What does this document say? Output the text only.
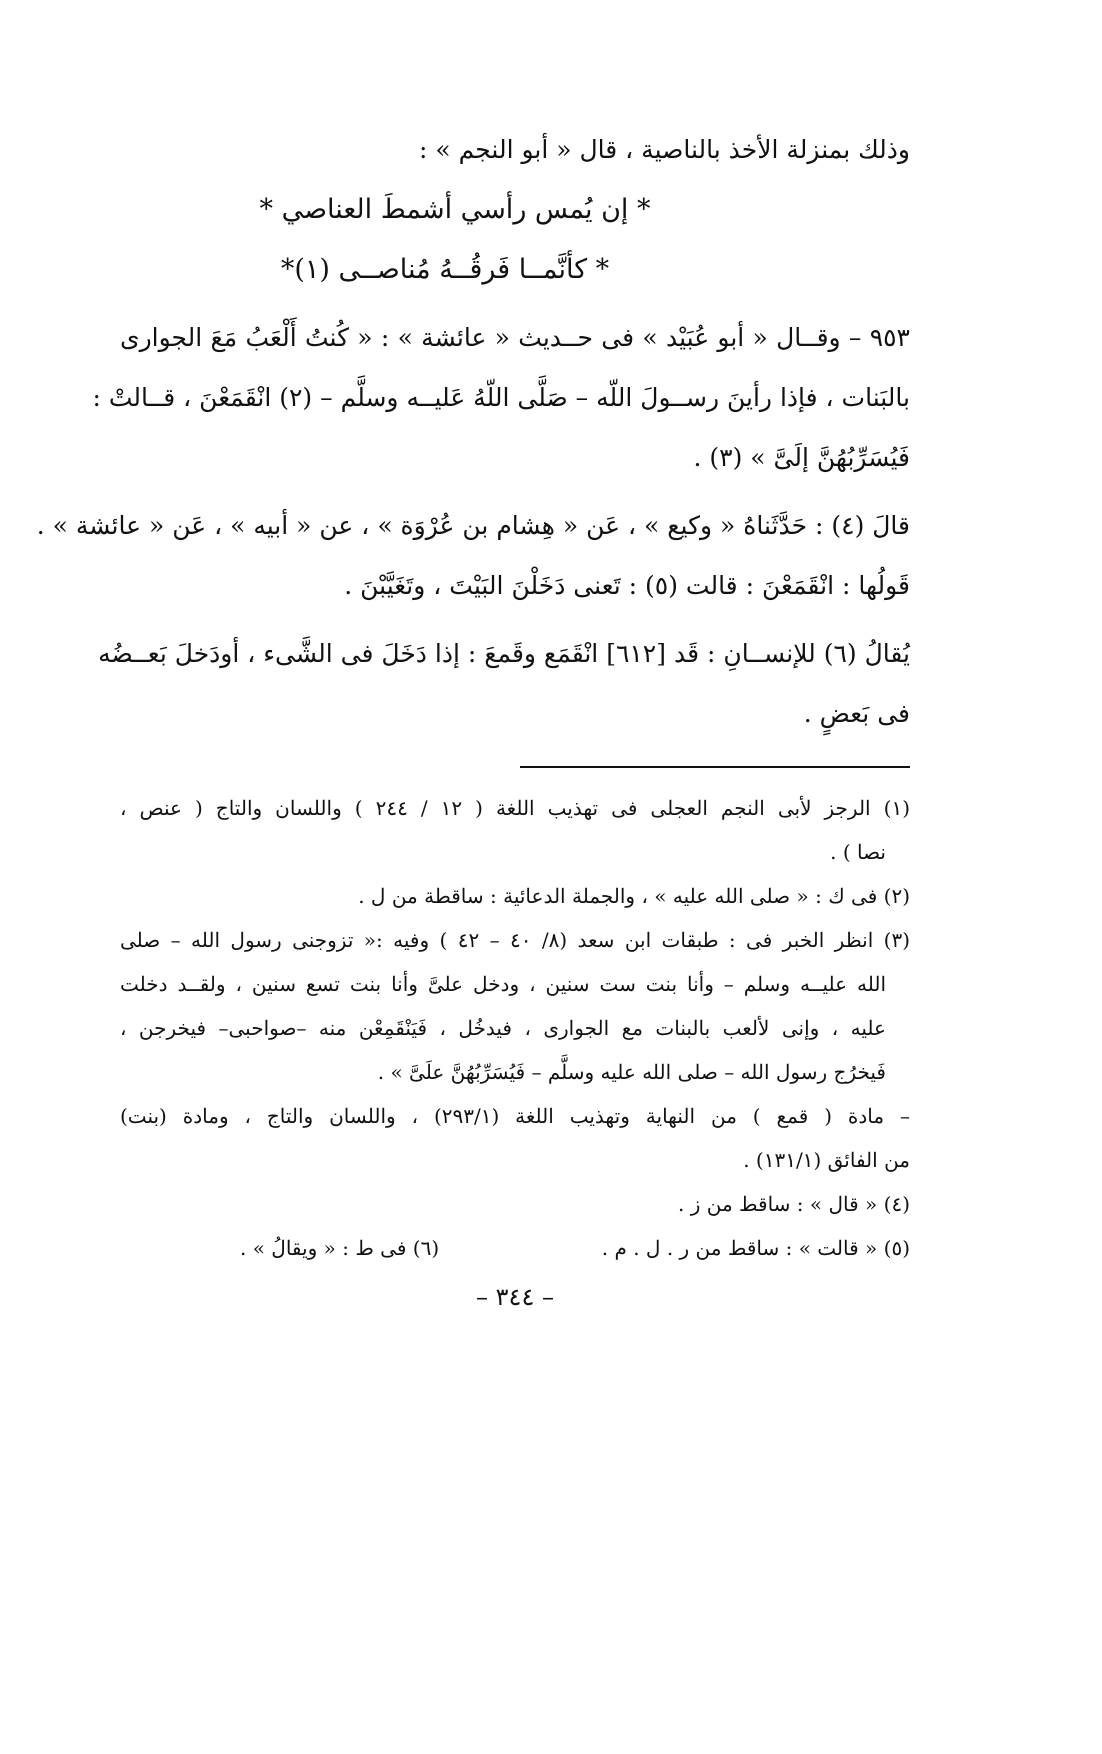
وذلك بمنزلة الأخذ بالناصية ، قال « أبو النجم » :

* إن يُمس رأسي أشمطَ العناصي *

* كأنَّمــا فَرقُــهُ مُناصــى (١)*

٩٥٣ – وقــال « أبو عُبَيْد » فى حــديث « عائشة » : « كُنتُ أَلْعَبُ مَعَ الجوارى

بالبَنات ، فإذا رأينَ رســولَ اللّه – صَلَّى اللّهُ عَليــه وسلَّم – (٢) انْقَمَعْنَ ، قــالتْ :

فَيُسَرِّبُهُنَّ إلَىَّ » (٣) .

قالَ (٤) : حَدَّثَناهُ « وكيع » ، عَن « هِشام بن عُرْوَة » ، عن « أبيه » ، عَن « عائشة » .

قَولُها : انْقَمَعْنَ : قالت (٥) : تَعنى دَخَلْنَ البَيْتَ ، وتَغَيَّبْنَ .

يُقالُ (٦) للإنســانِ : قَد [٦١٢] انْقَمَع وقَمعَ : إذا دَخَلَ فى الشَّىء ، أودَخلَ بَعــضُه

فى بَعضٍ .

(١) الرجز لأبى النجم العجلى فى تهذيب اللغة ( ١٢ / ٢٤٤ ) واللسان والتاج ( عنص ،

نصا ) .

(٢) فى ك : « صلى الله عليه » ، والجملة الدعائية : ساقطة من ل .

(٣) انظر الخبر فى : طبقات ابن سعد (٨/ ٤٠ – ٤٢ ) وفيه :« تزوجنى رسول الله – صلى

الله عليــه وسلم – وأنا بنت ست سنين ، ودخل علىَّ وأنا بنت تسع سنين ، ولقــد دخلت

عليه ، وإنى لألعب بالبنات مع الجوارى ، فيدخُل ، فَيَنْقَمِعْن منه –صواحبى– فيخرجن ،

فَيخرُج رسول الله – صلى الله عليه وسلَّم – فَيُسَرِّبُهُنَّ علَىَّ » .

– مادة ( قمع ) من النهاية وتهذيب اللغة (٢٩٣/١) ، واللسان والتاج ، ومادة (بنت)

من الفائق (١٣١/١) .

(٤) « قال » : ساقط من ز .

(٥) « قالت » : ساقط من ر . ل . م .
(٦) فى ط : « ويقالُ » .
– ٣٤٤ –
